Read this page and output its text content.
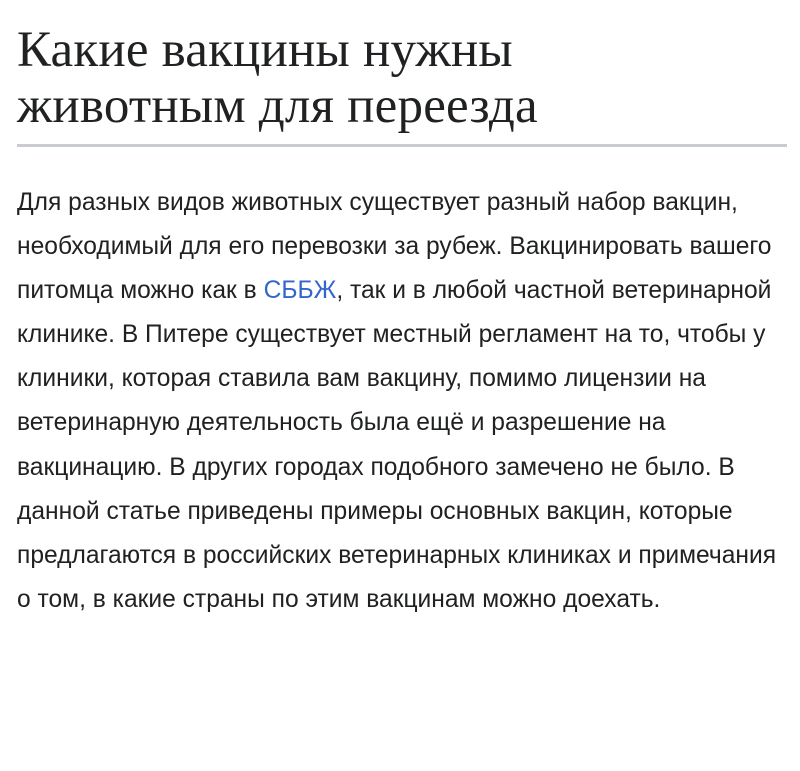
Какие вакцины нужны
животным для переезда

Для разных видов животных существует разный набор вакцин, необходимый для его перевозки за рубеж. Вакцинировать вашего питомца можно как в СББЖ, так и в любой частной ветеринарной клинике. В Питере существует местный регламент на то, чтобы у клиники, которая ставила вам вакцину, помимо лицензии на ветеринарную деятельность была ещё и разрешение на вакцинацию. В других городах подобного замечено не было. В данной статье приведены примеры основных вакцин, которые предлагаются в российских ветеринарных клиниках и примечания о том, в какие страны по этим вакцинам можно доехать.
